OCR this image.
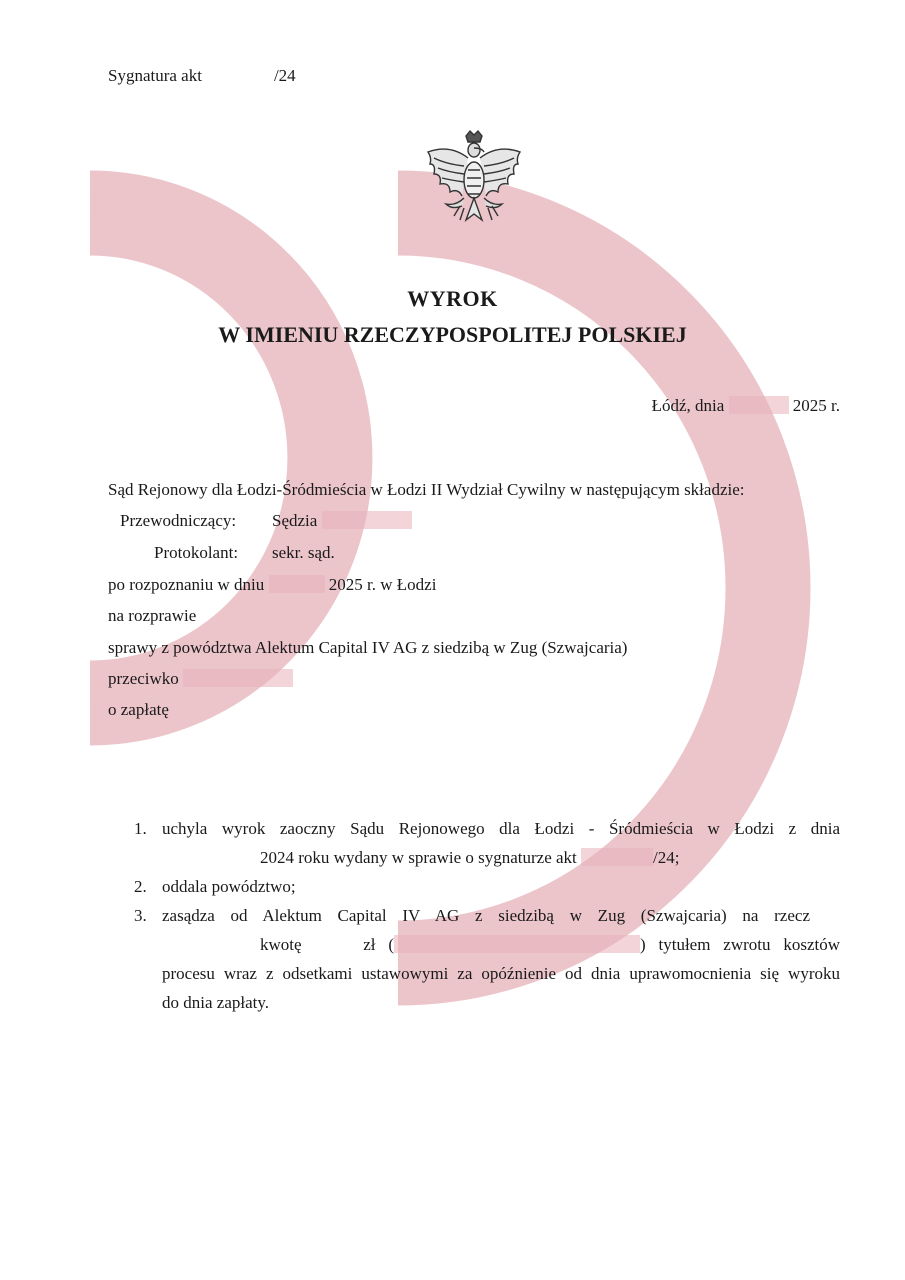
Sygnatura akt	/24
WYROK
W IMIENIU RZECZYPOSPOLITEJ POLSKIEJ
Łódź, dnia	2025 r.
Sąd Rejonowy dla Łodzi-Śródmieścia w Łodzi II Wydział Cywilny w następującym składzie:
Przewodniczący: Sędzia
Protokolant: sekr. sąd.
po rozpoznaniu w dniu	2025 r. w Łodzi
na rozprawie
sprawy z powództwa Alektum Capital IV AG z siedzibą w Zug (Szwajcaria)
przeciwko
o zapłatę
1. uchyla wyrok zaoczny Sądu Rejonowego dla Łodzi - Śródmieścia w Łodzi z dnia
2024 roku wydany w sprawie o sygnaturze akt	/24;
2. oddala powództwo;
3. zasądza od Alektum Capital IV AG z siedzibą w Zug (Szwajcaria) na rzecz
kwotę	zł (	) tytułem zwrotu kosztów
procesu wraz z odsetkami ustawowymi za opóźnienie od dnia uprawomocnienia się wyroku
do dnia zapłaty.
